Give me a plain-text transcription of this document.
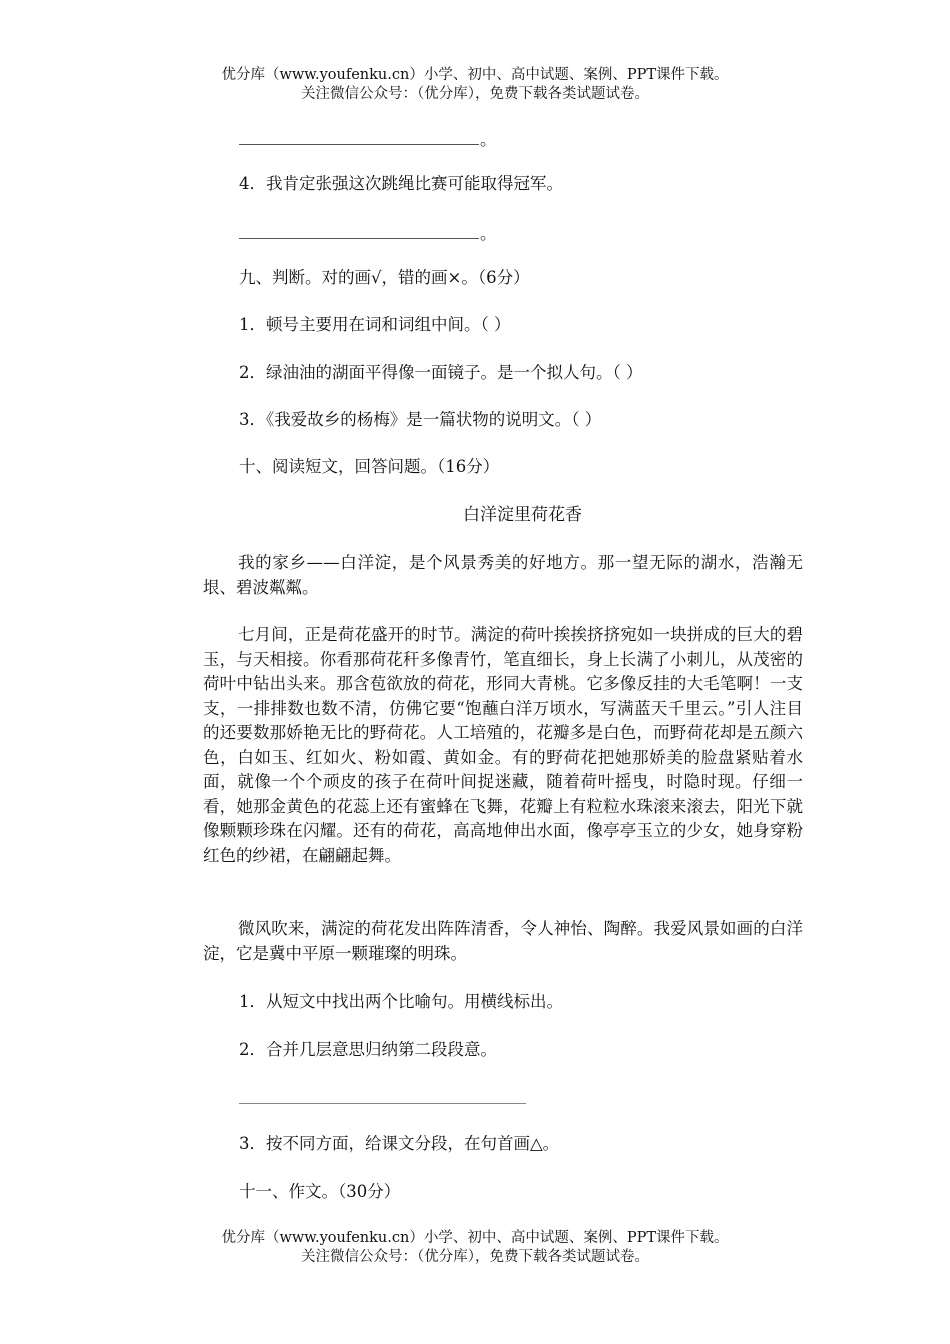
优分库（www.youfenku.cn）小学、初中、高中试题、案例、PPT课件下载。
关注微信公众号：（优分库），免费下载各类试题试卷。
。
4．我肯定张强这次跳绳比赛可能取得冠军。
。
九、判断。对的画√，错的画×。（6分）
1．顿号主要用在词和词组中间。（ ）
2．绿油油的湖面平得像一面镜子。是一个拟人句。（ ）
3．《我爱故乡的杨梅》是一篇状物的说明文。（ ）
十、阅读短文，回答问题。（16分）
白洋淀里荷花香
我的家乡——白洋淀，是个风景秀美的好地方。那一望无际的湖水，浩瀚无垠、碧波粼粼。
七月间，正是荷花盛开的时节。满淀的荷叶挨挨挤挤宛如一块拼成的巨大的碧玉，与天相接。你看那荷花秆多像青竹，笔直细长，身上长满了小刺儿，从茂密的荷叶中钻出头来。那含苞欲放的荷花，形同大青桃。它多像反挂的大毛笔啊！一支支，一排排数也数不清，仿佛它要“饱蘸白洋万顷水，写满蓝天千里云。”引人注目的还要数那娇艳无比的野荷花。人工培殖的，花瓣多是白色，而野荷花却是五颜六色，白如玉、红如火、粉如霞、黄如金。有的野荷花把她那娇美的脸盘紧贴着水面，就像一个个顽皮的孩子在荷叶间捉迷藏，随着荷叶摇曳，时隐时现。仔细一看，她那金黄色的花蕊上还有蜜蜂在飞舞，花瓣上有粒粒水珠滚来滚去，阳光下就像颗颗珍珠在闪耀。还有的荷花，高高地伸出水面，像亭亭玉立的少女，她身穿粉红色的纱裙，在翩翩起舞。
微风吹来，满淀的荷花发出阵阵清香，令人神怡、陶醉。我爱风景如画的白洋淀，它是冀中平原一颗璀璨的明珠。
1．从短文中找出两个比喻句。用横线标出。
2．合并几层意思归纳第二段段意。
3．按不同方面，给课文分段，在句首画△。
十一、作文。（30分）
优分库（www.youfenku.cn）小学、初中、高中试题、案例、PPT课件下载。
关注微信公众号：（优分库），免费下载各类试题试卷。
